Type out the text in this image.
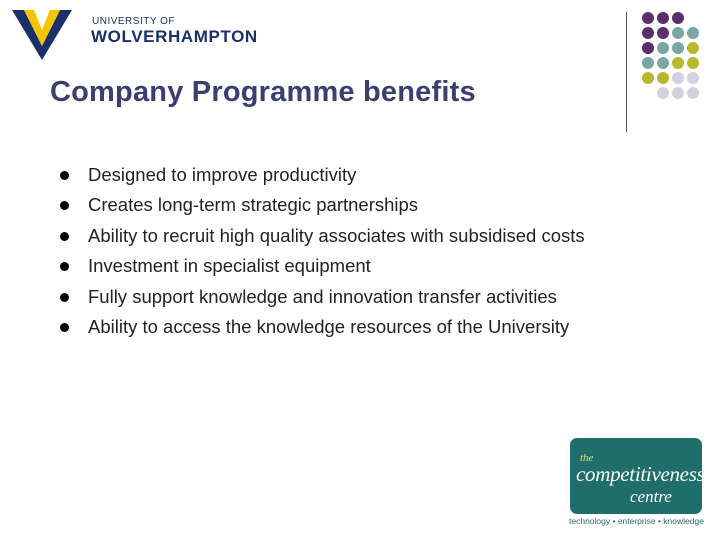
UNIVERSITY OF
WOLVERHAMPTON
Company Programme benefits
Designed to improve productivity
Creates long-term strategic partnerships
Ability to recruit high quality associates with subsidised costs
Investment in specialist equipment
Fully support knowledge and innovation transfer activities
Ability to access the knowledge resources of the University
the
competitiveness
centre
technology • enterprise • knowledge
